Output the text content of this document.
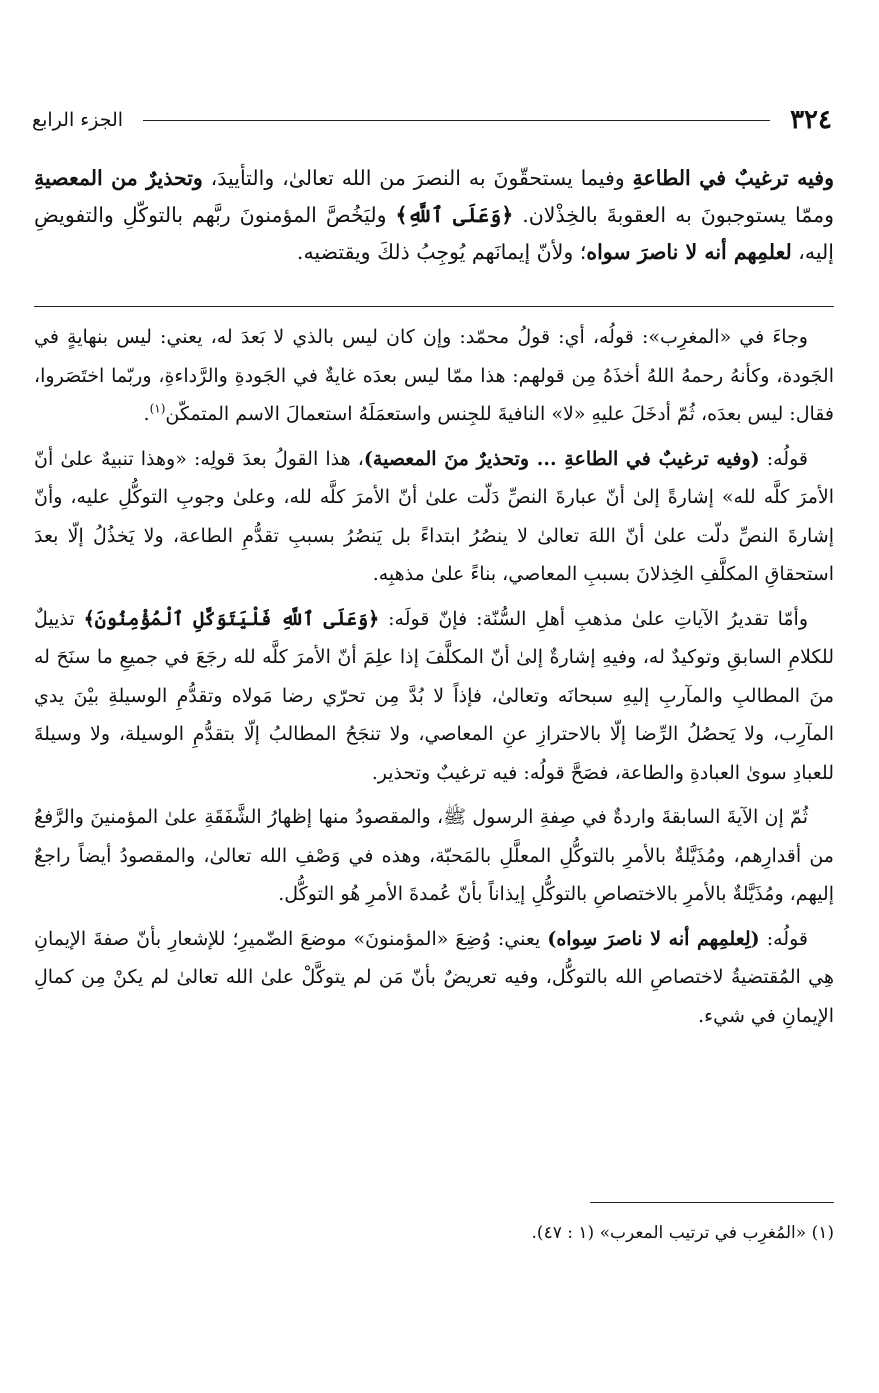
الجزء الرابع	٣٢٤
وفيه ترغيبٌ في الطاعةِ وفيما يستحقّونَ به النصرَ من الله تعالىٰ، والتأييدَ، وتحذيرٌ من المعصيةِ وممّا يستوجبونَ به العقوبةَ بالخِذْلان. ﴿وَعَلَى ٱللَّهِ﴾ وليَخُصَّ المؤمنونَ ربَّهم بالتوكّلِ والتفويضِ إليه، لعلمِهم أنه لا ناصرَ سواه؛ ولأنّ إيمانَهم يُوجِبُ ذلكَ ويقتضيه.

وجاءَ في «المغرِب»: قولُه، أي: قولُ محمّد: وإن كان ليس بالذي لا بَعدَ له، يعني: ليس بنهايةٍ في الجَودة، وكأنهُ رحمهُ اللهُ أخذَهُ مِن قولهم: هذا ممّا ليس بعدَه غايةٌ في الجَودةِ والرَّداءةِ، وربّما اختَصَروا، فقال: ليس بعدَه، ثُمّ أدخَلَ عليهِ «لا» النافيةَ للجِنس واستعمَلَهُ استعمالَ الاسم المتمكّن$^{(١)}$.

قولُه: (وفيه ترغيبٌ في الطاعةِ ... وتحذيرٌ منَ المعصية)، هذا القولُ بعدَ قولِه: «وهذا تنبيهٌ علىٰ أنّ الأمرَ كلَّه لله» إشارةً إلىٰ أنّ عبارةَ النصِّ دَلّت علىٰ أنّ الأمرَ كلَّه لله، وعلىٰ وجوبِ التوكُّلِ عليه، وأنّ إشارةَ النصِّ دلّت علىٰ أنّ اللهَ تعالىٰ لا ينصُرُ ابتداءً بل يَنصُرُ بسببِ تقدُّمِ الطاعة، ولا يَخذُلُ إلّا بعدَ استحقاقِ المكلَّفِ الخِذلانَ بسببِ المعاصي، بناءً علىٰ مذهبِه.

وأمّا تقديرُ الآياتِ علىٰ مذهبِ أهلِ السُّنّة: فإنّ قولَه: ﴿وَعَلَى ٱللَّهِ فَلْيَتَوَكَّلِ ٱلْمُؤْمِنُونَ﴾ تذييلٌ للكلامِ السابقِ وتوكيدٌ له، وفيهِ إشارةٌ إلىٰ أنّ المكلَّفَ إذا علِمَ أنّ الأمرَ كلَّه لله رجَعَ في جميعِ ما سنَحَ له منَ المطالبِ والمآربِ إليهِ سبحانَه وتعالىٰ، فإذاً لا بُدَّ مِن تحرّي رضا مَولاه وتقدُّمِ الوسيلةِ بيْنَ يدي المآرِب، ولا يَحصُلُ الرِّضا إلّا بالاحترازِ عنِ المعاصي، ولا تنجَحُ المطالبُ إلّا بتقدُّمِ الوسيلة، ولا وسيلةَ للعبادِ سوىٰ العبادةِ والطاعة، فصَحَّ قولُه: فيه ترغيبٌ وتحذير.

ثُمّ إن الآيةَ السابقةَ واردةٌ في صِفةِ الرسول ﷺ، والمقصودُ منها إظهارُ الشَّفَقَةِ علىٰ المؤمنينَ والرَّفعُ من أقدارِهم، ومُذَيَّلةٌ بالأمرِ بالتوكُّلِ المعلَّلِ بالمَحبّة، وهذه في وَصْفِ الله تعالىٰ، والمقصودُ أيضاً راجعٌ إليهم، ومُذَيَّلةٌ بالأمرِ بالاختصاصِ بالتوكُّلِ إيذاناً بأنّ عُمدةَ الأمرِ هُو التوكُّل.

قولُه: (لِعلمِهم أنه لا ناصرَ سِواه) يعني: وُضِعَ «المؤمنونَ» موضعَ الضّميرِ؛ للإشعارِ بأنّ صفةَ الإيمانِ هِي المُقتضيةُ لاختصاصِ الله بالتوكُّل، وفيه تعريضٌ بأنّ مَن لم يتوكَّلْ علىٰ الله تعالىٰ لم يكنْ مِن كمالِ الإيمانِ في شيء.

(١) «المُغرِب في ترتيب المعرب» (١ : ٤٧).
